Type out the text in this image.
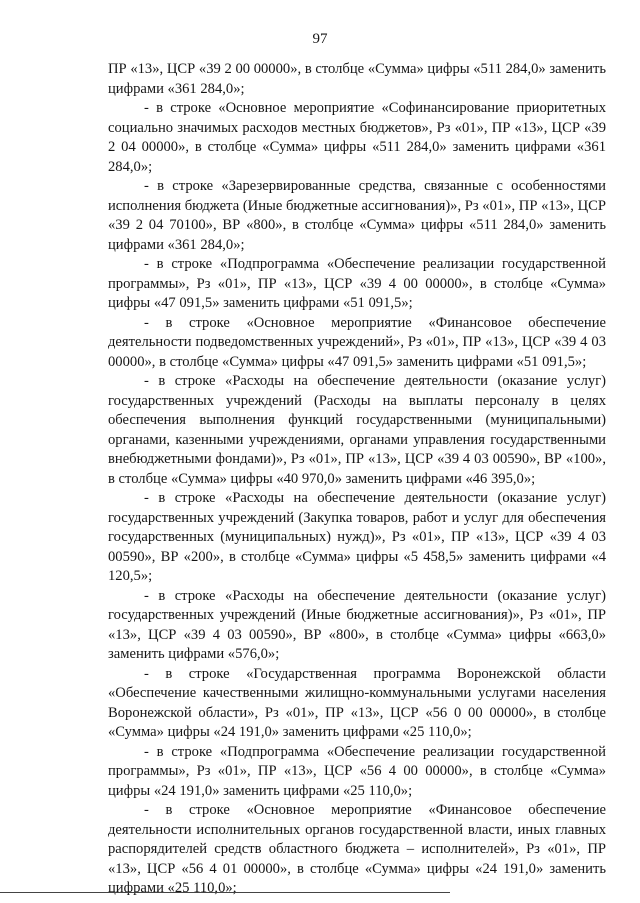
97

ПР «13», ЦСР «39 2 00 00000», в столбце «Сумма» цифры «511 284,0» заменить цифрами «361 284,0»;

- в строке «Основное мероприятие «Софинансирование приоритетных социально значимых расходов местных бюджетов», Рз «01», ПР «13», ЦСР «39 2 04 00000», в столбце «Сумма» цифры «511 284,0» заменить цифрами «361 284,0»;

- в строке «Зарезервированные средства, связанные с особенностями исполнения бюджета (Иные бюджетные ассигнования)», Рз «01», ПР «13», ЦСР «39 2 04 70100», ВР «800», в столбце «Сумма» цифры «511 284,0» заменить цифрами «361 284,0»;

- в строке «Подпрограмма «Обеспечение реализации государственной программы», Рз «01», ПР «13», ЦСР «39 4 00 00000», в столбце «Сумма» цифры «47 091,5» заменить цифрами «51 091,5»;

- в строке «Основное мероприятие «Финансовое обеспечение деятельности подведомственных учреждений», Рз «01», ПР «13», ЦСР «39 4 03 00000», в столбце «Сумма» цифры «47 091,5» заменить цифрами «51 091,5»;

- в строке «Расходы на обеспечение деятельности (оказание услуг) государственных учреждений (Расходы на выплаты персоналу в целях обеспечения выполнения функций государственными (муниципальными) органами, казенными учреждениями, органами управления государственными внебюджетными фондами)», Рз «01», ПР «13», ЦСР «39 4 03 00590», ВР «100», в столбце «Сумма» цифры «40 970,0» заменить цифрами «46 395,0»;

- в строке «Расходы на обеспечение деятельности (оказание услуг) государственных учреждений (Закупка товаров, работ и услуг для обеспечения государственных (муниципальных) нужд)», Рз «01», ПР «13», ЦСР «39 4 03 00590», ВР «200», в столбце «Сумма» цифры «5 458,5» заменить цифрами «4 120,5»;

- в строке «Расходы на обеспечение деятельности (оказание услуг) государственных учреждений (Иные бюджетные ассигнования)», Рз «01», ПР «13», ЦСР «39 4 03 00590», ВР «800», в столбце «Сумма» цифры «663,0» заменить цифрами «576,0»;

- в строке «Государственная программа Воронежской области «Обеспечение качественными жилищно-коммунальными услугами населения Воронежской области», Рз «01», ПР «13», ЦСР «56 0 00 00000», в столбце «Сумма» цифры «24 191,0» заменить цифрами «25 110,0»;

- в строке «Подпрограмма «Обеспечение реализации государственной программы», Рз «01», ПР «13», ЦСР «56 4 00 00000», в столбце «Сумма» цифры «24 191,0» заменить цифрами «25 110,0»;

- в строке «Основное мероприятие «Финансовое обеспечение деятельности исполнительных органов государственной власти, иных главных распорядителей средств областного бюджета – исполнителей», Рз «01», ПР «13», ЦСР «56 4 01 00000», в столбце «Сумма» цифры «24 191,0» заменить цифрами «25 110,0»;
